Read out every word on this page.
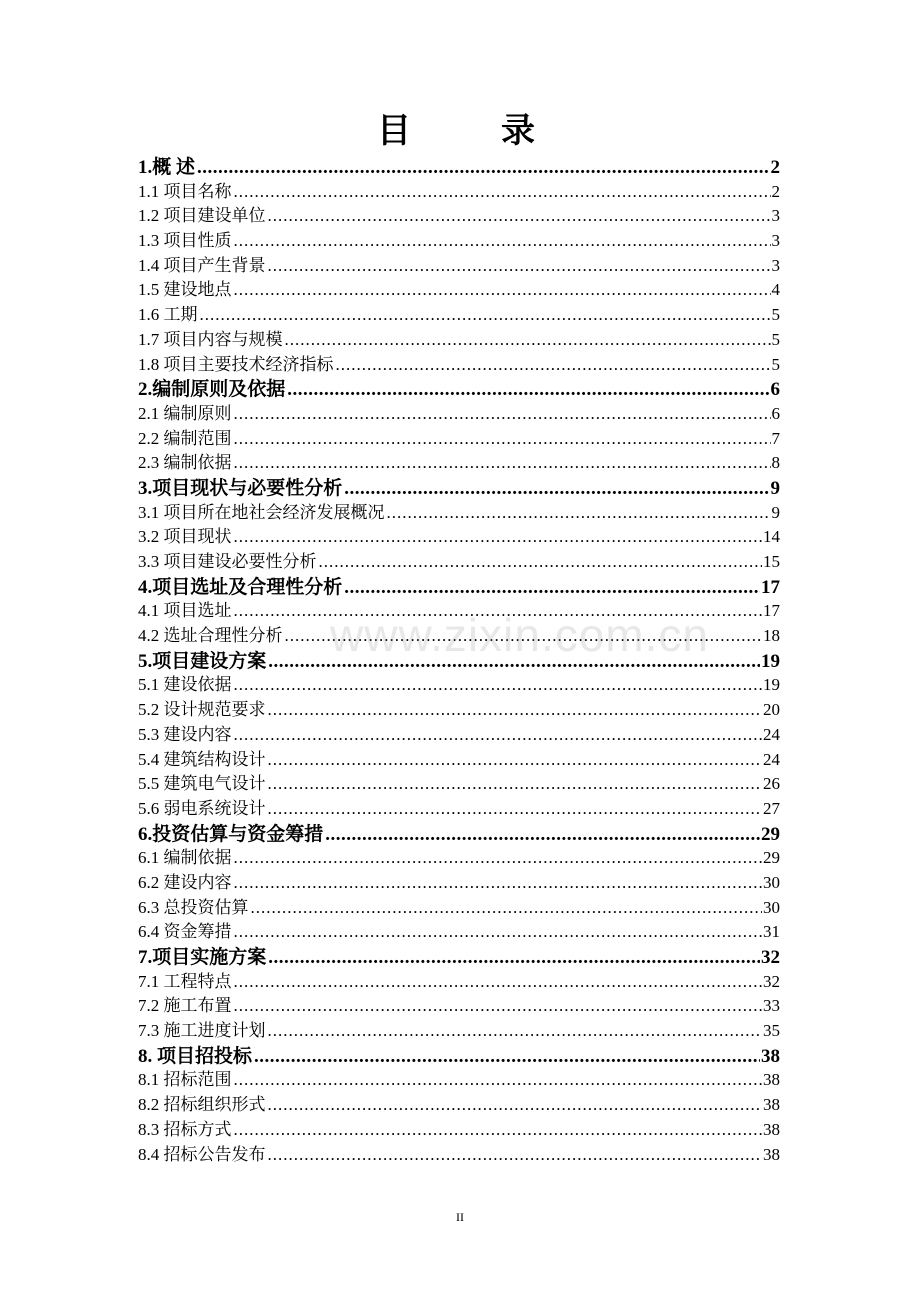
目　录
1.概 述 .....	2
1.1 项目名称 .....	2
1.2 项目建设单位 .....	3
1.3 项目性质 .....	3
1.4 项目产生背景 .....	3
1.5 建设地点 .....	4
1.6 工期 .....	5
1.7 项目内容与规模 .....	5
1.8 项目主要技术经济指标 .....	5
2.编制原则及依据 .....	6
2.1 编制原则 .....	6
2.2 编制范围 .....	7
2.3 编制依据 .....	8
3.项目现状与必要性分析 .....	9
3.1 项目所在地社会经济发展概况 .....	9
3.2 项目现状 .....	14
3.3 项目建设必要性分析 .....	15
4.项目选址及合理性分析 .....	17
4.1 项目选址 .....	17
4.2 选址合理性分析 .....	18
5.项目建设方案 .....	19
5.1 建设依据 .....	19
5.2 设计规范要求 .....	20
5.3 建设内容 .....	24
5.4 建筑结构设计 .....	24
5.5 建筑电气设计 .....	26
5.6 弱电系统设计 .....	27
6.投资估算与资金筹措 .....	29
6.1 编制依据 .....	29
6.2 建设内容 .....	30
6.3 总投资估算 .....	30
6.4 资金筹措 .....	31
7.项目实施方案 .....	32
7.1 工程特点 .....	32
7.2 施工布置 .....	33
7.3 施工进度计划 .....	35
8. 项目招投标 .....	38
8.1 招标范围 .....	38
8.2 招标组织形式 .....	38
8.3 招标方式 .....	38
8.4 招标公告发布 .....	38
www.zixin.com.cn
II
